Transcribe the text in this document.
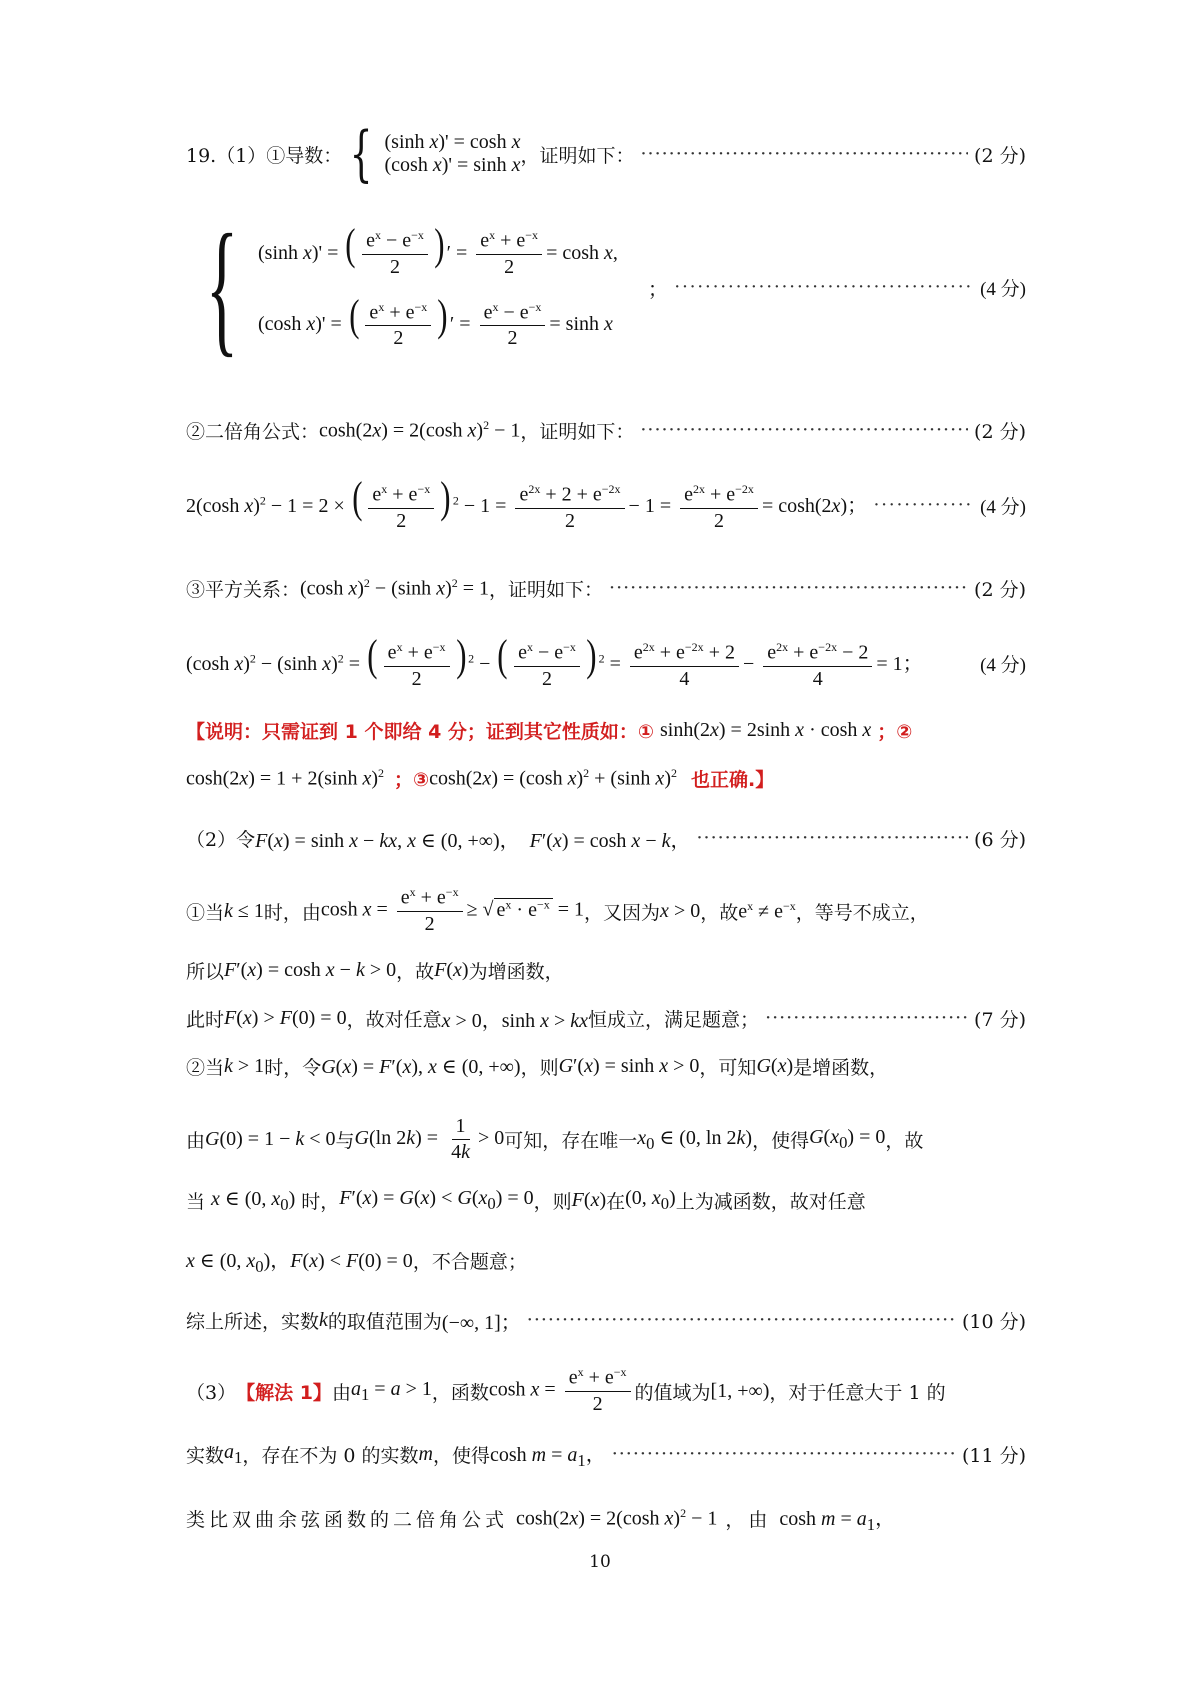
19.（1）①导数： { (sinh x)' = cosh x
(cosh x)' = sinh x ，证明如下： ·····	(2 分)
{ (sinh x)' = ( $\frac{e^x - e^{-x}}{2}$ ) ′ = $\frac{e^x + e^{-x}}{2} = \cosh x$,
(cosh x)' = ( $\frac{e^x + e^{-x}}{2}$ ) ′ = $\frac{e^x - e^{-x}}{2} = \sinh x$
； ·····	(4 分)
②二倍角公式： cosh(2x) = 2(cosh x)$^2$ − 1 ，证明如下： ·····	(2 分)
2(cosh x)$^2$ − 1 = 2 × ( $\frac{e^x + e^{-x}}{2}$ ) $^2 - 1 = \frac{e^{2x} + 2 + e^{-2x}}{2} - 1 = \frac{e^{2x} + e^{-2x}}{2} = \cosh(2x)$； ·····	(4 分)
③平方关系： (cosh x)$^2$ − (sinh x)$^2$ = 1 ，证明如下： ·····	(2 分)
(cosh x)$^2$ − (sinh x)$^2$ = ( $\frac{e^x + e^{-x}}{2}$ ) $^2$ − ( $\frac{e^x - e^{-x}}{2}$ ) $^2 = \frac{e^{2x} + e^{-2x} + 2}{4} - \frac{e^{2x} + e^{-2x} - 2}{4} = 1$；	(4 分)
【说明：只需证到 1 个即给 4 分；证到其它性质如：① sinh(2x) = 2sinh x · cosh x ；②
cosh(2x) = 1 + 2(sinh x)$^2$ ；③ cosh(2x) = (cosh x)$^2$ + (sinh x)$^2$ 也正确.】
（2）令 F(x) = sinh x − kx, x ∈ (0, +∞)，  F′(x) = cosh x − k， ·····	(6 分)
①当 k ≤ 1 时，由 $\cosh x = \frac{e^x + e^{-x}}{2}$ ≥ √ $e^x \cdot e^{-x} = 1$ ，又因为 x > 0 ，故 $e^x \ne e^{-x}$ ，等号不成立，
所以 F′(x) = cosh x − k > 0 ，故 F(x) 为增函数，
此时 F(x) > F(0) = 0 ，故对任意 x > 0，sinh x > kx 恒成立，满足题意； ·····	(7 分)
②当 k > 1 时，令 G(x) = F′(x), x ∈ (0, +∞) ，则 G′(x) = sinh x > 0 ，可知 G(x) 是增函数，
由 G(0) = 1 − k < 0 与 G(ln $2k) = \frac{1}{4k} > 0$ 可知，存在唯一 $x_0$ ∈ (0, ln 2k) ，使得 $G(x_0) = 0$ ，故
当 x ∈ (0, $x_0$) 时， $F'(x) = G(x) < G(x_0) = 0$ ，则 F(x) 在 (0, $x_0$) 上为减函数，故对任意
x ∈ (0, $x_0$)，F(x) < F(0) = 0 ，不合题意；
综上所述，实数 k 的取值范围为 (−∞, 1]； ·····	(10 分)
（3） 【解法 1】 由 $a_1 = a > 1$ ，函数 $\cosh x = \frac{e^x + e^{-x}}{2}$ 的值域为 [1, +∞) ，对于任意大于 1 的
实数 $a_1$ ，存在不为 0 的实数 m ，使得 $\cosh m = a_1$， ·····	(11 分)
类比双曲余弦函数的二倍角公式 cosh(2x) = 2(cosh x)$^2$ − 1 ，由 $\cosh m = a_1$，
10
